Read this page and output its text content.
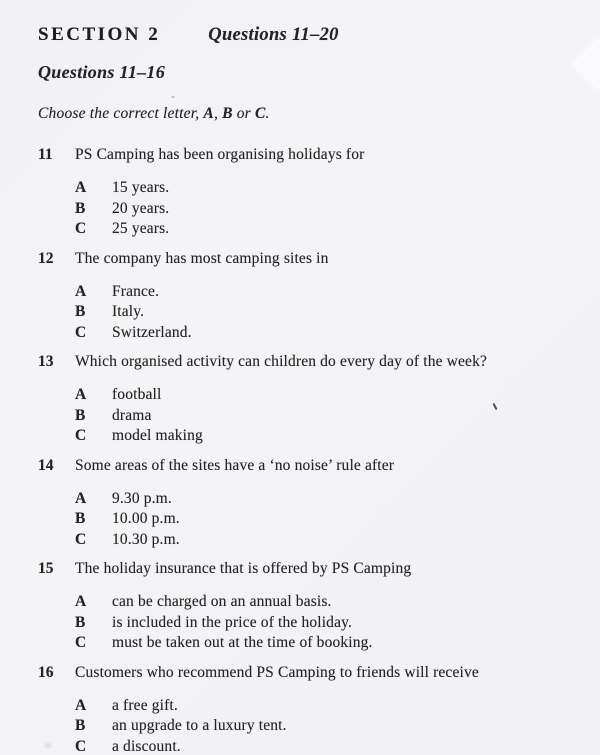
SECTION 2	Questions 11–20
Questions 11–16
Choose the correct letter, A, B or C.
11	PS Camping has been organising holidays for
A	15 years.
B	20 years.
C	25 years.
12	The company has most camping sites in
A	France.
B	Italy.
C	Switzerland.
13	Which organised activity can children do every day of the week?
A	football
B	drama
C	model making
14	Some areas of the sites have a ‘no noise’ rule after
A	9.30 p.m.
B	10.00 p.m.
C	10.30 p.m.
15	The holiday insurance that is offered by PS Camping
A	can be charged on an annual basis.
B	is included in the price of the holiday.
C	must be taken out at the time of booking.
16	Customers who recommend PS Camping to friends will receive
A	a free gift.
B	an upgrade to a luxury tent.
C	a discount.
